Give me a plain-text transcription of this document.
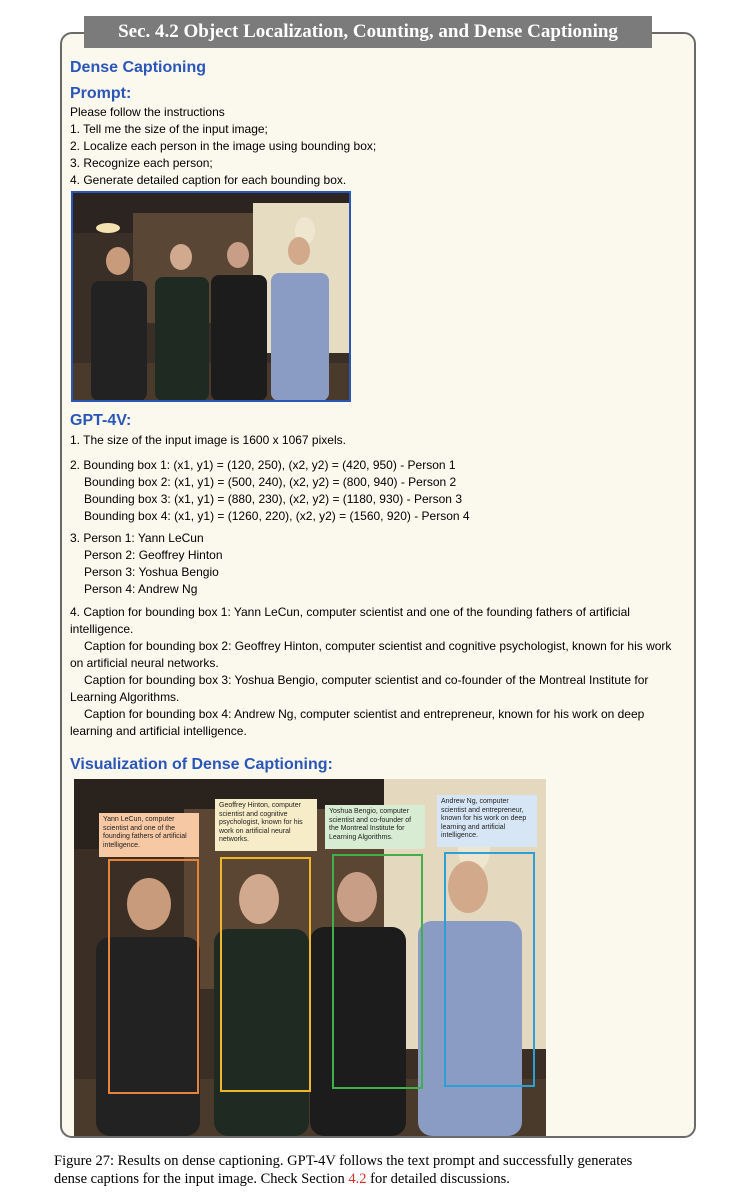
Sec. 4.2 Object Localization, Counting, and Dense Captioning
Dense Captioning
Prompt:
Please follow the instructions
1. Tell me the size of the input image;
2. Localize each person in the image using bounding box;
3. Recognize each person;
4. Generate detailed caption for each bounding box.
GPT-4V:
1. The size of the input image is 1600 x 1067 pixels.
2. Bounding box 1: (x1, y1) = (120, 250), (x2, y2) = (420, 950) - Person 1
Bounding box 2: (x1, y1) = (500, 240), (x2, y2) = (800, 940) - Person 2
Bounding box 3: (x1, y1) = (880, 230), (x2, y2) = (1180, 930) - Person 3
Bounding box 4: (x1, y1) = (1260, 220), (x2, y2) = (1560, 920) - Person 4
3. Person 1: Yann LeCun
Person 2: Geoffrey Hinton
Person 3: Yoshua Bengio
Person 4: Andrew Ng
4. Caption for bounding box 1: Yann LeCun, computer scientist and one of the founding fathers of artificial
intelligence.
Caption for bounding box 2: Geoffrey Hinton, computer scientist and cognitive psychologist, known for his work
on artificial neural networks.
Caption for bounding box 3: Yoshua Bengio, computer scientist and co-founder of the Montreal Institute for
Learning Algorithms.
Caption for bounding box 4: Andrew Ng, computer scientist and entrepreneur, known for his work on deep
learning and artificial intelligence.
Visualization of Dense Captioning:
Yann LeCun, computer scientist and one of the founding fathers of artificial intelligence.
Geoffrey Hinton, computer scientist and cognitive psychologist, known for his work on artificial neural networks.
Yoshua Bengio, computer scientist and co-founder of the Montreal Institute for Learning Algorithms.
Andrew Ng, computer scientist and entrepreneur, known for his work on deep learning and artificial intelligence.
Figure 27: Results on dense captioning. GPT-4V follows the text prompt and successfully generates
dense captions for the input image. Check Section 4.2 for detailed discussions.
